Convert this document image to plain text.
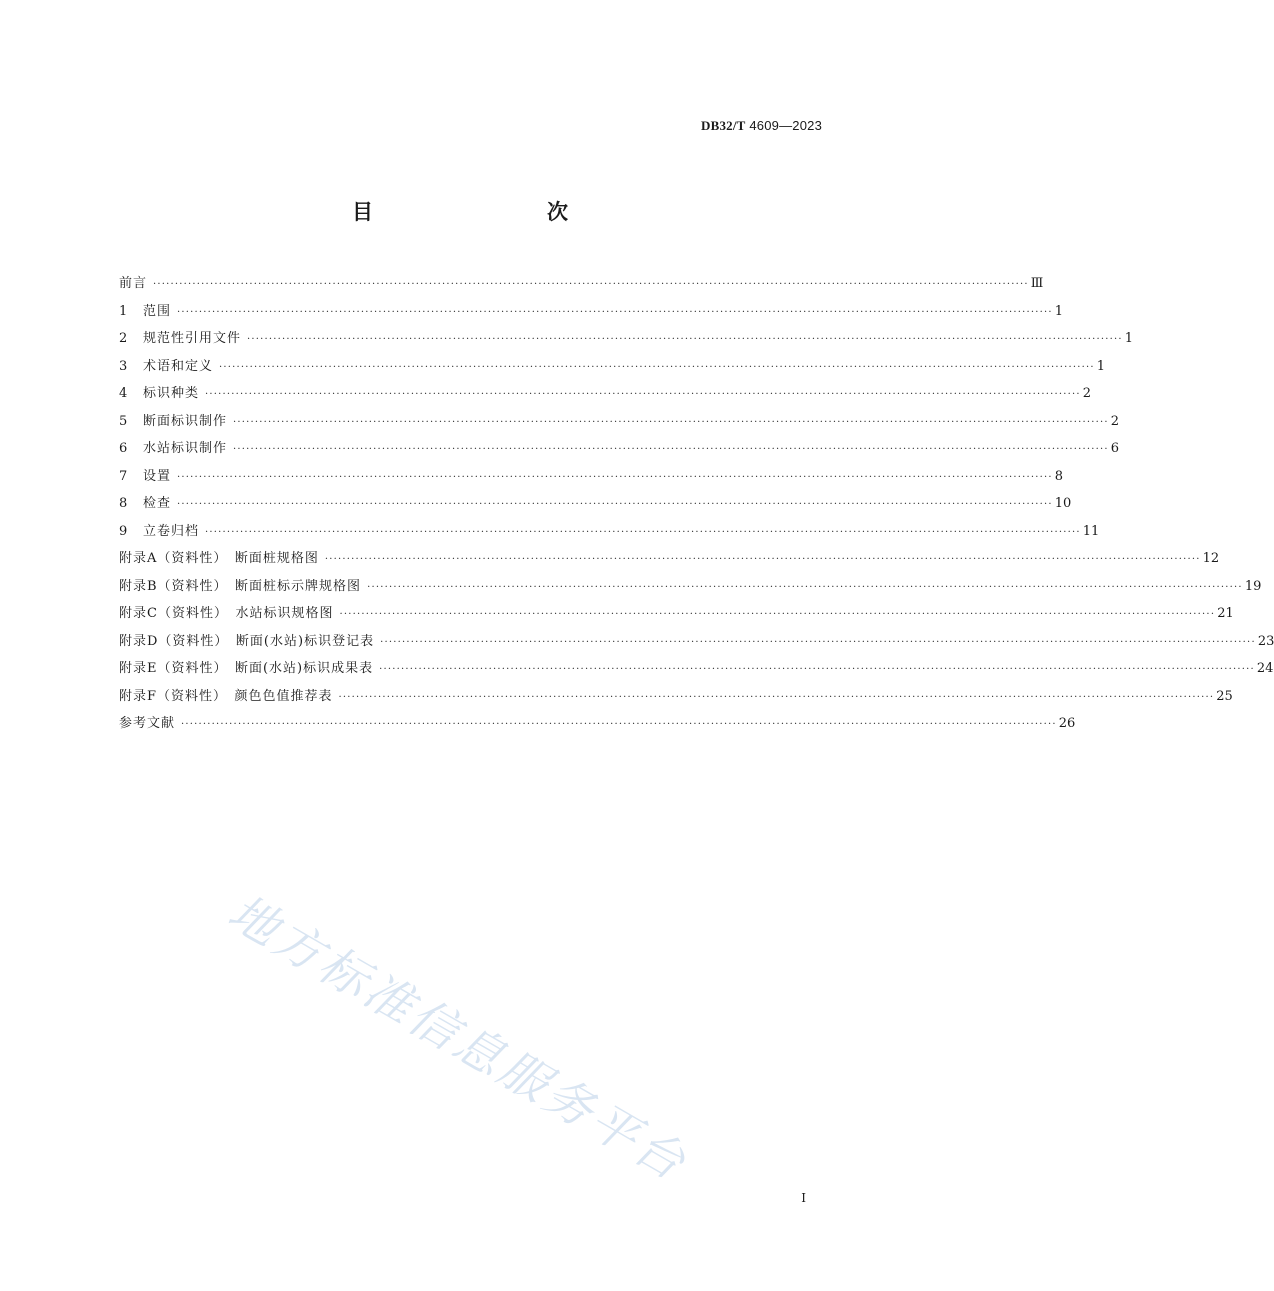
DB32/T 4609—2023
目　　次
前言 ········································································································································································································ Ⅲ
1	范围 ········································································································································································································ 1
2	规范性引用文件 ········································································································································································································ 1
3	术语和定义 ········································································································································································································ 1
4	标识种类 ········································································································································································································ 2
5	断面标识制作 ········································································································································································································ 2
6	水站标识制作 ········································································································································································································ 6
7	设置 ········································································································································································································ 8
8	检查 ········································································································································································································ 10
9	立卷归档 ········································································································································································································ 11
附录A（资料性）　断面桩规格图 ········································································································································································································ 12
附录B（资料性）　断面桩标示牌规格图 ········································································································································································································ 19
附录C（资料性）　水站标识规格图 ········································································································································································································ 21
附录D（资料性）　断面(水站)标识登记表 ········································································································································································································ 23
附录E（资料性）　断面(水站)标识成果表 ········································································································································································································ 24
附录F（资料性）　颜色色值推荐表 ········································································································································································································ 25
参考文献 ········································································································································································································ 26
地方标准信息服务平台
I
